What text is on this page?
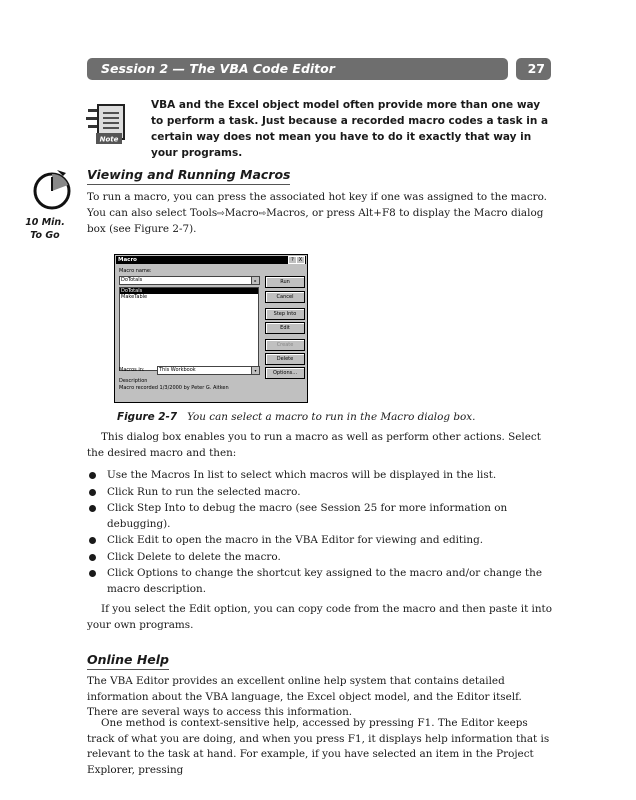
Session 2 — The VBA Code Editor	27
Note
VBA and the Excel object model often provide more than one way to perform a task. Just because a recorded macro codes a task in a certain way does not mean you have to do it exactly that way in your programs.
10 Min.
To Go
Viewing and Running Macros

To run a macro, you can press the associated hot key if one was assigned to the macro. You can also select Tools⇨Macro⇨Macros, or press Alt+F8 to display the Macro dialog box (see Figure 2-7).

Macro	? X
Macro name:
DoTotals	▸
DoTotals
MakeTable
Run
Cancel
Step Into
Edit
Create
Delete
Options...
Macros in:	This Workbook	▾
Description
Macro recorded 1/3/2000 by Peter G. Aitken
Figure 2-7 You can select a macro to run in the Macro dialog box.

This dialog box enables you to run a macro as well as perform other actions. Select the desired macro and then:

Use the Macros In list to select which macros will be displayed in the list.
Click Run to run the selected macro.
Click Step Into to debug the macro (see Session 25 for more information on debugging).
Click Edit to open the macro in the VBA Editor for viewing and editing.
Click Delete to delete the macro.
Click Options to change the shortcut key assigned to the macro and/or change the macro description.

If you select the Edit option, you can copy code from the macro and then paste it into your own programs.

Online Help

The VBA Editor provides an excellent online help system that contains detailed information about the VBA language, the Excel object model, and the Editor itself. There are several ways to access this information.

One method is context-sensitive help, accessed by pressing F1. The Editor keeps track of what you are doing, and when you press F1, it displays help information that is relevant to the task at hand. For example, if you have selected an item in the Project Explorer, pressing
